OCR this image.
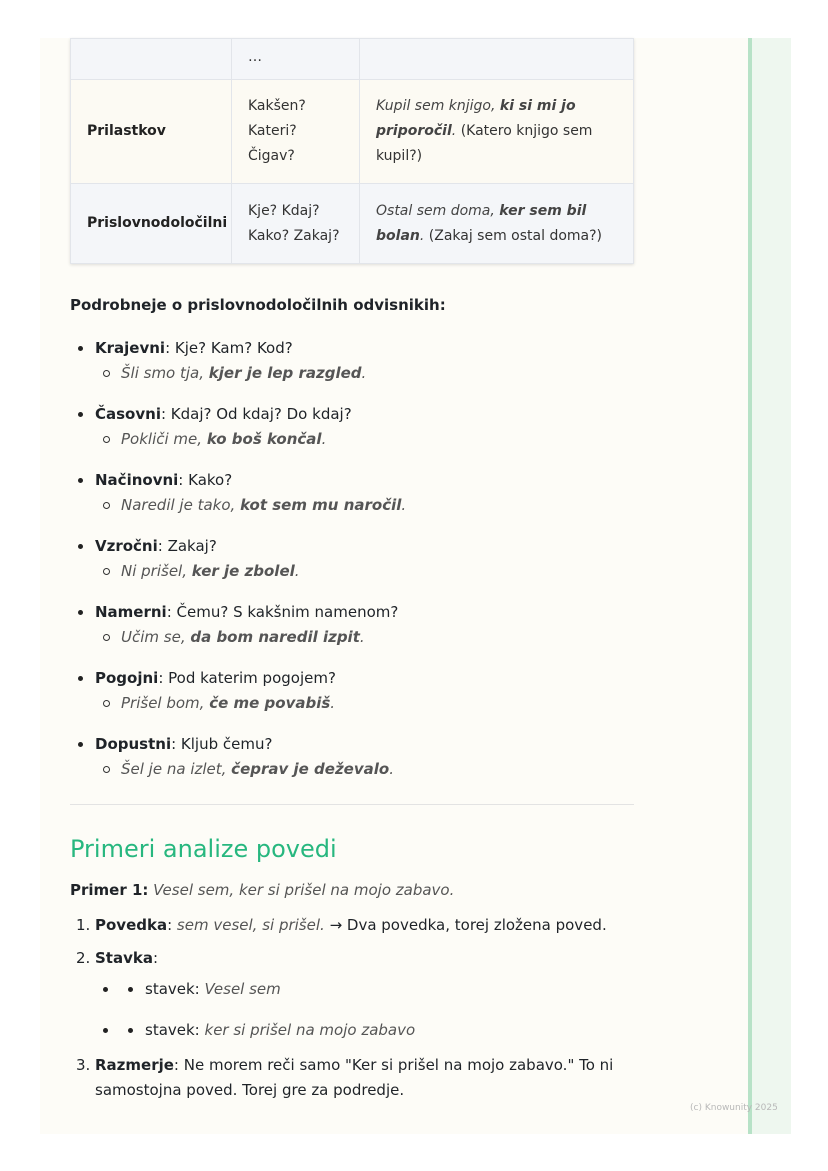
	…	
Prilastkov	Kakšen? Kateri? Čigav?	Kupil sem knjigo, ki si mi jo priporočil. (Katero knjigo sem kupil?)
Prislovnodoločilni	Kje? Kdaj? Kako? Zakaj?	Ostal sem doma, ker sem bil bolan. (Zakaj sem ostal doma?)

Podrobneje o prislovnodoločilnih odvisnikih:

Krajevni: Kje? Kam? Kod?
Šli smo tja, kjer je lep razgled.
Časovni: Kdaj? Od kdaj? Do kdaj?
Pokliči me, ko boš končal.
Načinovni: Kako?
Naredil je tako, kot sem mu naročil.
Vzročni: Zakaj?
Ni prišel, ker je zbolel.
Namerni: Čemu? S kakšnim namenom?
Učim se, da bom naredil izpit.
Pogojni: Pod katerim pogojem?
Prišel bom, če me povabiš.
Dopustni: Kljub čemu?
Šel je na izlet, čeprav je deževalo.
Primeri analize povedi

Primer 1: Vesel sem, ker si prišel na mojo zabavo.

1. Povedka: sem vesel, si prišel. → Dva povedka, torej zložena poved.
2. Stavka:
stavek: Vesel sem
stavek: ker si prišel na mojo zabavo
3. Razmerje: Ne morem reči samo "Ker si prišel na mojo zabavo." To ni samostojna poved. Torej gre za podredje.
(c) Knowunity 2025
